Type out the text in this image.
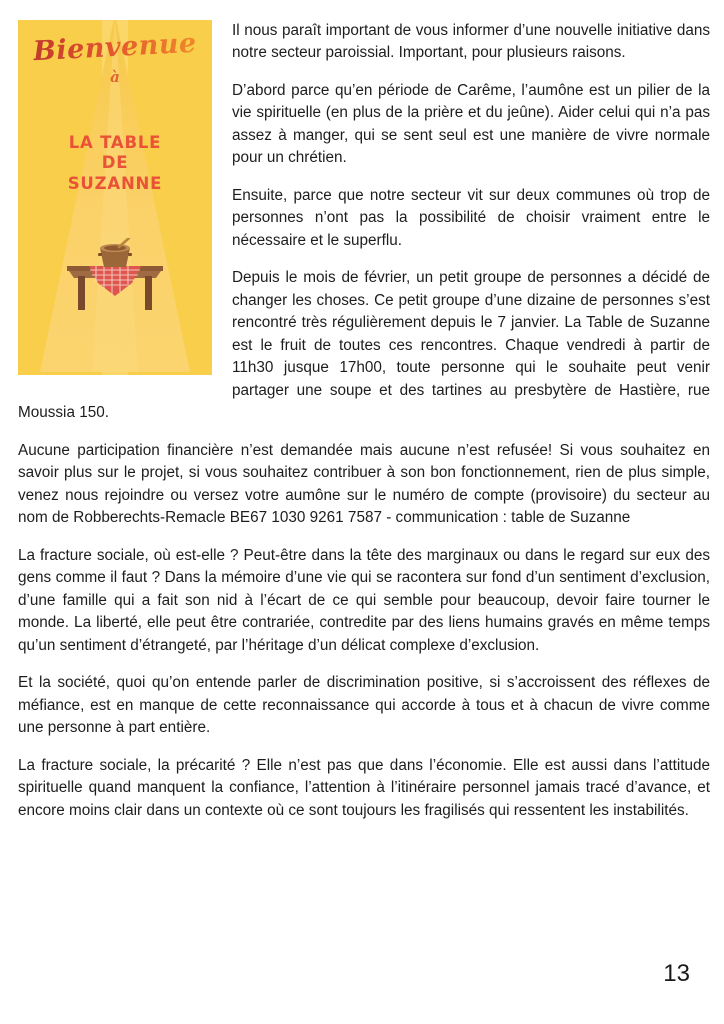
Bienvenue
à
LA TABLE
DE
SUZANNE

Il nous paraît important de vous informer d’une nouvelle initiative dans notre secteur paroissial. Important, pour plusieurs raisons.

D’abord parce qu’en période de Carême, l’aumône est un pilier de la vie spirituelle (en plus de la prière et du jeûne). Aider celui qui n’a pas assez à manger, qui se sent seul est une manière de vivre normale pour un chrétien.

Ensuite, parce que notre secteur vit sur deux communes où trop de personnes n’ont pas la possibilité de choisir vraiment entre le nécessaire et le superflu.

Depuis le mois de février, un petit groupe de personnes a décidé de changer les choses. Ce petit groupe d’une dizaine de personnes s’est rencontré très régulièrement depuis le 7 janvier. La Table de Suzanne est le fruit de toutes ces rencontres. Chaque vendredi à partir de 11h30 jusque 17h00, toute personne qui le souhaite peut venir partager une soupe et des tartines au presbytère de Hastière, rue Moussia 150.

Aucune participation financière n’est demandée mais aucune n’est refusée! Si vous souhaitez en savoir plus sur le projet, si vous souhaitez contribuer à son bon fonctionnement, rien de plus simple, venez nous rejoindre ou versez votre aumône sur le numéro de compte (provisoire) du secteur au nom de Robberechts-Remacle BE67 1030 9261 7587 - communication : table de Suzanne

La fracture sociale, où est-elle ? Peut-être dans la tête des marginaux ou dans le regard sur eux des gens comme il faut ? Dans la mémoire d’une vie qui se racontera sur fond d’un sentiment d’exclusion, d’une famille qui a fait son nid à l’écart de ce qui semble pour beaucoup, devoir faire tourner le monde. La liberté, elle peut être contrariée, contredite par des liens humains gravés en même temps qu’un sentiment d’étrangeté, par l’héritage d’un délicat complexe d’exclusion.

Et la société, quoi qu’on entende parler de discrimination positive, si s’accroissent des réflexes de méfiance, est en manque de cette reconnaissance qui accorde à tous et à chacun de vivre comme une personne à part entière.

La fracture sociale, la précarité ? Elle n’est pas que dans l’économie. Elle est aussi dans l’attitude spirituelle quand manquent la confiance, l’attention à l’itinéraire personnel jamais tracé d’avance, et encore moins clair dans un contexte où ce sont toujours les fragilisés qui ressentent les instabilités.

13
